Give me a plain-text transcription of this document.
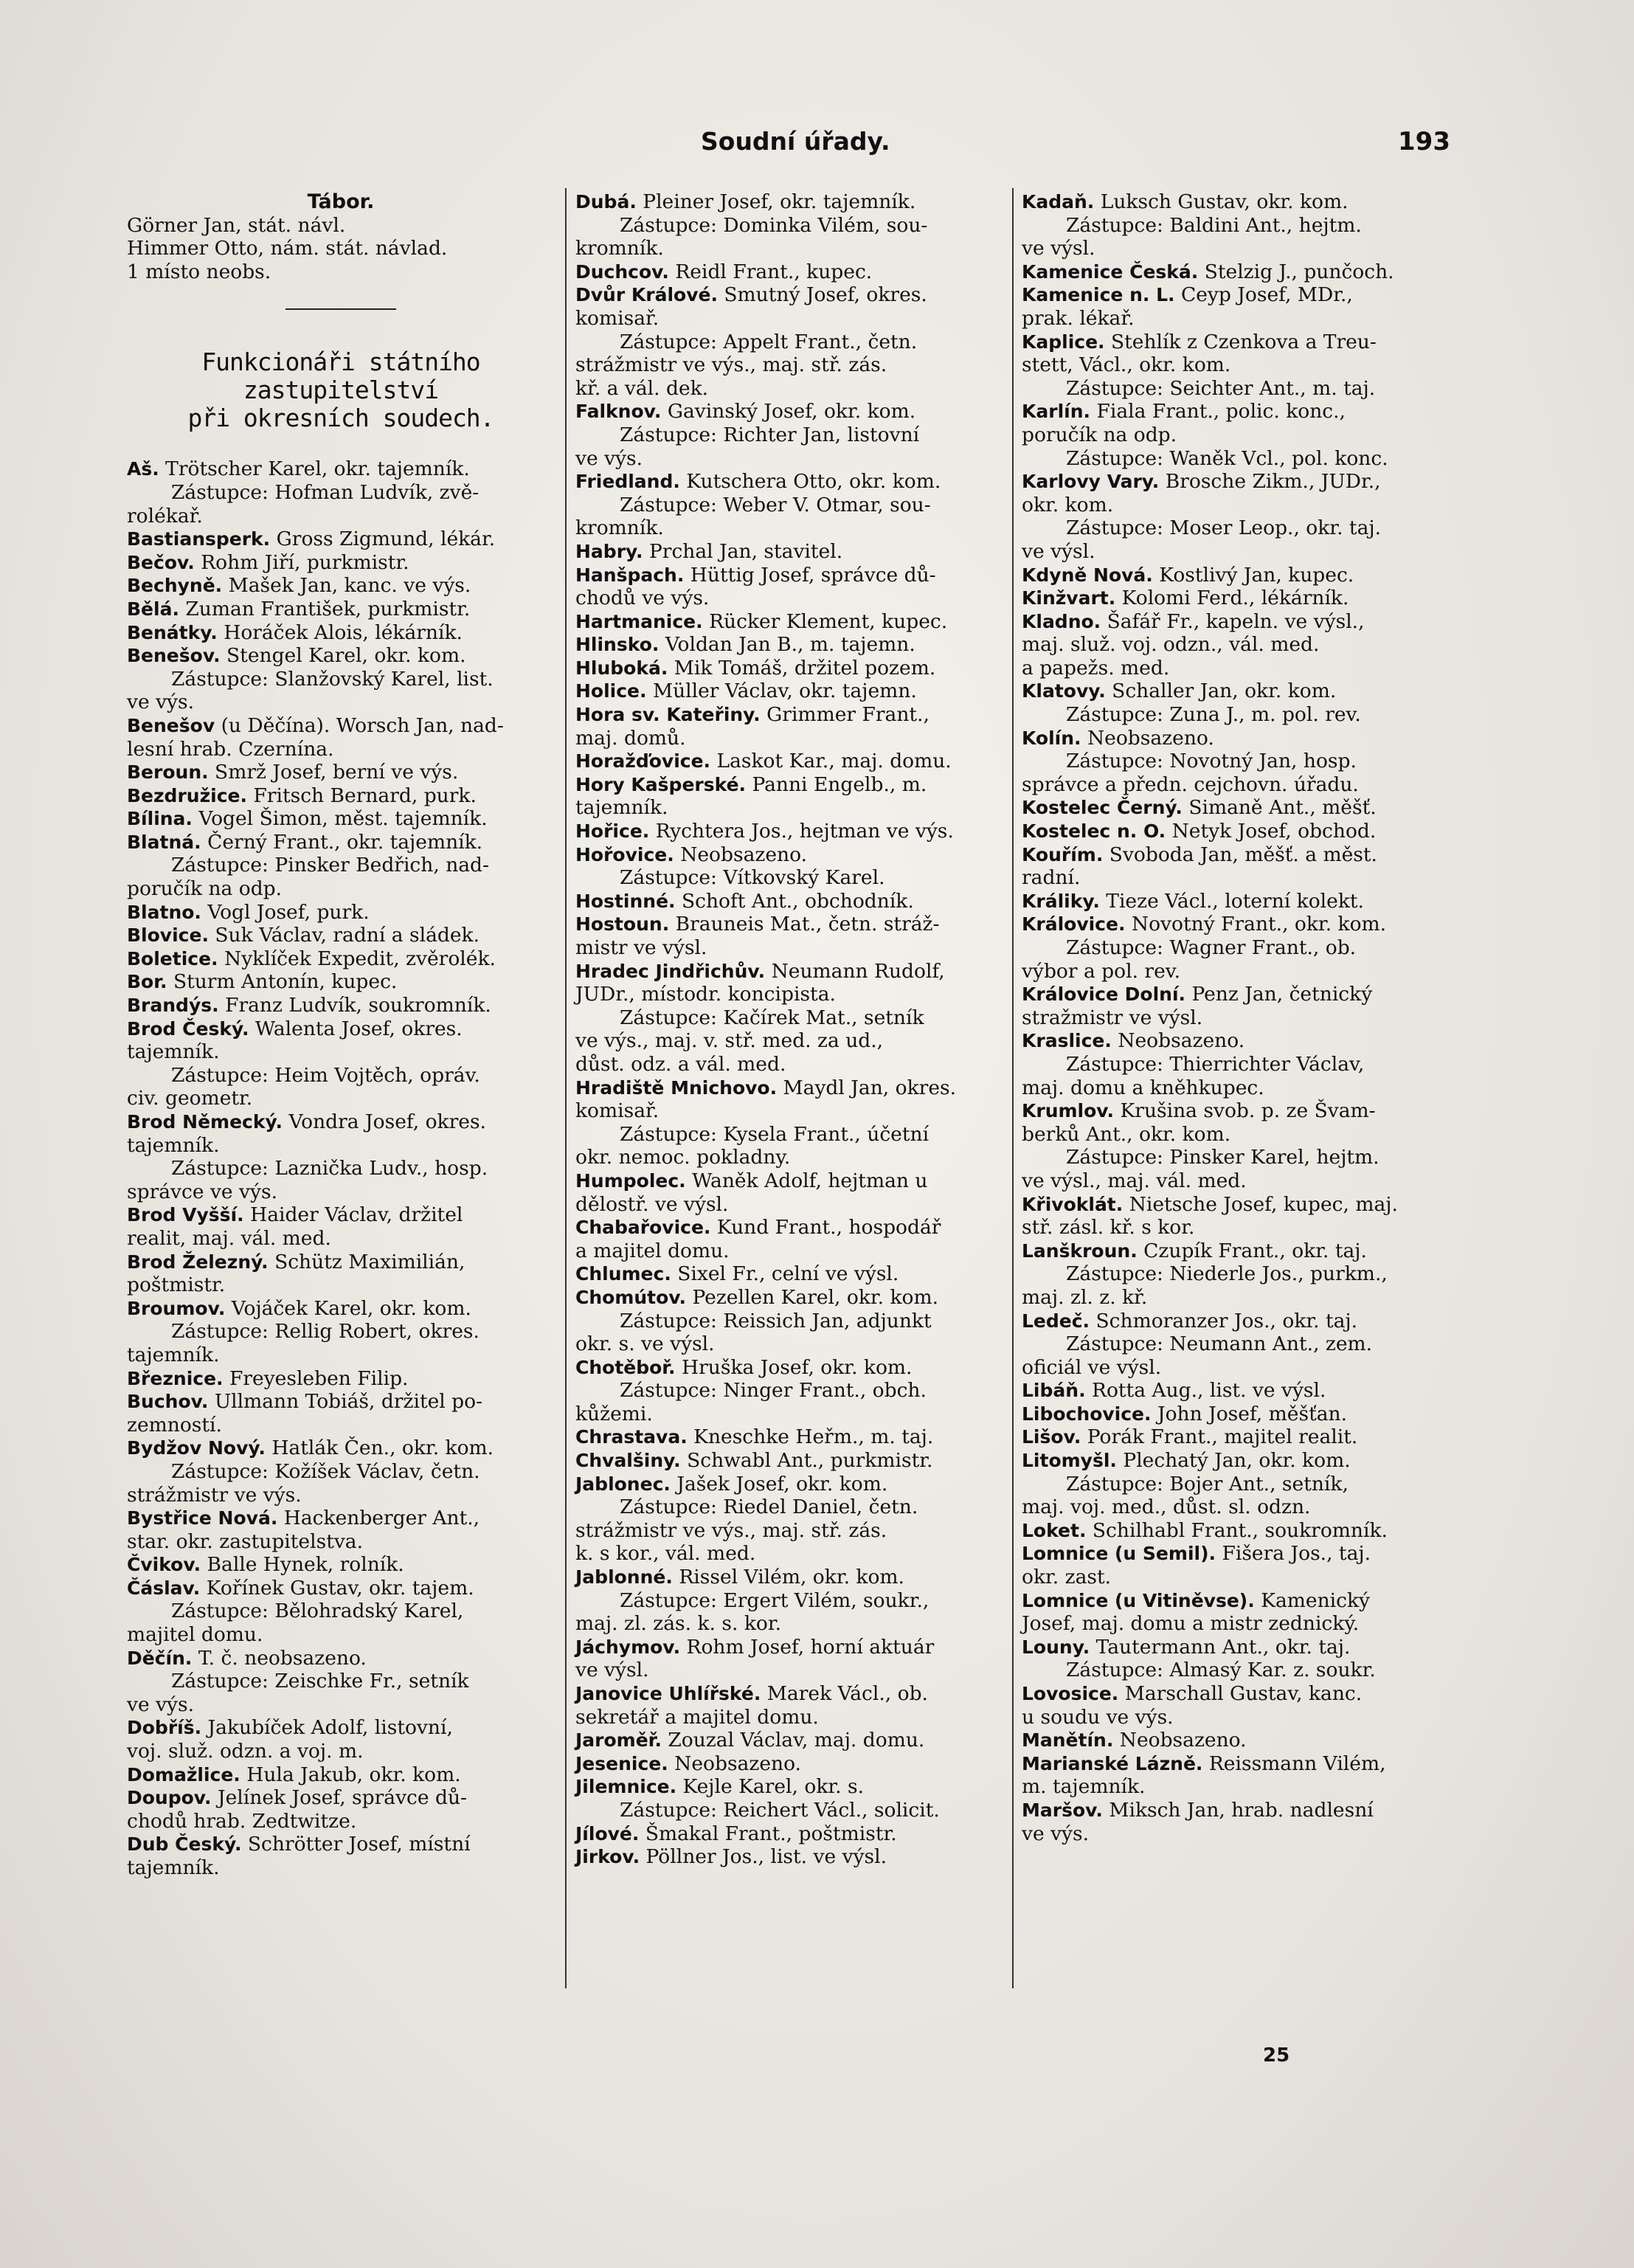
Soudní úřady.	193
Tábor.
Görner Jan, stát. návl.
Himmer Otto, nám. stát. návlad.
1 místo neobs.
Funkcionáři státního zastupitelství
při okresních soudech.
Aš. Trötscher Karel, okr. tajemník.
Zástupce: Hofman Ludvík, zvě-
rolékař.
Bastiansperk. Gross Zigmund, lékár.
Bečov. Rohm Jiří, purkmistr.
Bechyně. Mašek Jan, kanc. ve výs.
Bělá. Zuman František, purkmistr.
Benátky. Horáček Alois, lékárník.
Benešov. Stengel Karel, okr. kom.
Zástupce: Slanžovský Karel, list.
ve výs.
Benešov (u Děčína). Worsch Jan, nad-
lesní hrab. Czernína.
Beroun. Smrž Josef, berní ve výs.
Bezdružice. Fritsch Bernard, purk.
Bílina. Vogel Šimon, měst. tajemník.
Blatná. Černý Frant., okr. tajemník.
Zástupce: Pinsker Bedřich, nad-
poručík na odp.
Blatno. Vogl Josef, purk.
Blovice. Suk Václav, radní a sládek.
Boletice. Nyklíček Expedit, zvěrolék.
Bor. Sturm Antonín, kupec.
Brandýs. Franz Ludvík, soukromník.
Brod Český. Walenta Josef, okres.
tajemník.
Zástupce: Heim Vojtěch, opráv.
civ. geometr.
Brod Německý. Vondra Josef, okres.
tajemník.
Zástupce: Laznička Ludv., hosp.
správce ve výs.
Brod Vyšší. Haider Václav, držitel
realit, maj. vál. med.
Brod Železný. Schütz Maximilián,
poštmistr.
Broumov. Vojáček Karel, okr. kom.
Zástupce: Rellig Robert, okres.
tajemník.
Březnice. Freyesleben Filip.
Buchov. Ullmann Tobiáš, držitel po-
zemností.
Bydžov Nový. Hatlák Čen., okr. kom.
Zástupce: Kožíšek Václav, četn.
strážmistr ve výs.
Bystřice Nová. Hackenberger Ant.,
star. okr. zastupitelstva.
Čvikov. Balle Hynek, rolník.
Čáslav. Kořínek Gustav, okr. tajem.
Zástupce: Bělohradský Karel,
majitel domu.
Děčín. T. č. neobsazeno.
Zástupce: Zeischke Fr., setník
ve výs.
Dobříš. Jakubíček Adolf, listovní,
voj. služ. odzn. a voj. m.
Domažlice. Hula Jakub, okr. kom.
Doupov. Jelínek Josef, správce dů-
chodů hrab. Zedtwitze.
Dub Český. Schrötter Josef, místní
tajemník.
Dubá. Pleiner Josef, okr. tajemník.
Zástupce: Dominka Vilém, sou-
kromník.
Duchcov. Reidl Frant., kupec.
Dvůr Králové. Smutný Josef, okres.
komisař.
Zástupce: Appelt Frant., četn.
strážmistr ve výs., maj. stř. zás.
kř. a vál. dek.
Falknov. Gavinský Josef, okr. kom.
Zástupce: Richter Jan, listovní
ve výs.
Friedland. Kutschera Otto, okr. kom.
Zástupce: Weber V. Otmar, sou-
kromník.
Habry. Prchal Jan, stavitel.
Hanšpach. Hüttig Josef, správce dů-
chodů ve výs.
Hartmanice. Rücker Klement, kupec.
Hlinsko. Voldan Jan B., m. tajemn.
Hluboká. Mik Tomáš, držitel pozem.
Holice. Müller Václav, okr. tajemn.
Hora sv. Kateřiny. Grimmer Frant.,
maj. domů.
Horažďovice. Laskot Kar., maj. domu.
Hory Kašperské. Panni Engelb., m.
tajemník.
Hořice. Rychtera Jos., hejtman ve výs.
Hořovice. Neobsazeno.
Zástupce: Vítkovský Karel.
Hostinné. Schoft Ant., obchodník.
Hostoun. Brauneis Mat., četn. stráž-
mistr ve výsl.
Hradec Jindřichův. Neumann Rudolf,
JUDr., místodr. koncipista.
Zástupce: Kačírek Mat., setník
ve výs., maj. v. stř. med. za ud.,
důst. odz. a vál. med.
Hradiště Mnichovo. Maydl Jan, okres.
komisař.
Zástupce: Kysela Frant., účetní
okr. nemoc. pokladny.
Humpolec. Waněk Adolf, hejtman u
dělostř. ve výsl.
Chabařovice. Kund Frant., hospodář
a majitel domu.
Chlumec. Sixel Fr., celní ve výsl.
Chomútov. Pezellen Karel, okr. kom.
Zástupce: Reissich Jan, adjunkt
okr. s. ve výsl.
Chotěboř. Hruška Josef, okr. kom.
Zástupce: Ninger Frant., obch.
kůžemi.
Chrastava. Kneschke Heřm., m. taj.
Chvalšiny. Schwabl Ant., purkmistr.
Jablonec. Jašek Josef, okr. kom.
Zástupce: Riedel Daniel, četn.
strážmistr ve výs., maj. stř. zás.
k. s kor., vál. med.
Jablonné. Rissel Vilém, okr. kom.
Zástupce: Ergert Vilém, soukr.,
maj. zl. zás. k. s. kor.
Jáchymov. Rohm Josef, horní aktuár
ve výsl.
Janovice Uhlířské. Marek Václ., ob.
sekretář a majitel domu.
Jaroměř. Zouzal Václav, maj. domu.
Jesenice. Neobsazeno.
Jilemnice. Kejle Karel, okr. s.
Zástupce: Reichert Václ., solicit.
Jílové. Šmakal Frant., poštmistr.
Jirkov. Pöllner Jos., list. ve výsl.
Kadaň. Luksch Gustav, okr. kom.
Zástupce: Baldini Ant., hejtm.
ve výsl.
Kamenice Česká. Stelzig J., punčoch.
Kamenice n. L. Ceyp Josef, MDr.,
prak. lékař.
Kaplice. Stehlík z Czenkova a Treu-
stett, Václ., okr. kom.
Zástupce: Seichter Ant., m. taj.
Karlín. Fiala Frant., polic. konc.,
poručík na odp.
Zástupce: Waněk Vcl., pol. konc.
Karlovy Vary. Brosche Zikm., JUDr.,
okr. kom.
Zástupce: Moser Leop., okr. taj.
ve výsl.
Kdyně Nová. Kostlivý Jan, kupec.
Kinžvart. Kolomi Ferd., lékárník.
Kladno. Šafář Fr., kapeln. ve výsl.,
maj. služ. voj. odzn., vál. med.
a papežs. med.
Klatovy. Schaller Jan, okr. kom.
Zástupce: Zuna J., m. pol. rev.
Kolín. Neobsazeno.
Zástupce: Novotný Jan, hosp.
správce a předn. cejchovn. úřadu.
Kostelec Černý. Simaně Ant., měšť.
Kostelec n. O. Netyk Josef, obchod.
Kouřím. Svoboda Jan, měšť. a měst.
radní.
Králiky. Tieze Václ., loterní kolekt.
Královice. Novotný Frant., okr. kom.
Zástupce: Wagner Frant., ob.
výbor a pol. rev.
Královice Dolní. Penz Jan, četnický
stražmistr ve výsl.
Kraslice. Neobsazeno.
Zástupce: Thierrichter Václav,
maj. domu a kněhkupec.
Krumlov. Krušina svob. p. ze Švam-
berků Ant., okr. kom.
Zástupce: Pinsker Karel, hejtm.
ve výsl., maj. vál. med.
Křivoklát. Nietsche Josef, kupec, maj.
stř. zásl. kř. s kor.
Lanškroun. Czupík Frant., okr. taj.
Zástupce: Niederle Jos., purkm.,
maj. zl. z. kř.
Ledeč. Schmoranzer Jos., okr. taj.
Zástupce: Neumann Ant., zem.
oficiál ve výsl.
Libáň. Rotta Aug., list. ve výsl.
Libochovice. John Josef, měšťan.
Lišov. Porák Frant., majitel realit.
Litomyšl. Plechatý Jan, okr. kom.
Zástupce: Bojer Ant., setník,
maj. voj. med., důst. sl. odzn.
Loket. Schilhabl Frant., soukromník.
Lomnice (u Semil). Fišera Jos., taj.
okr. zast.
Lomnice (u Vitiněvse). Kamenický
Josef, maj. domu a mistr zednický.
Louny. Tautermann Ant., okr. taj.
Zástupce: Almasý Kar. z. soukr.
Lovosice. Marschall Gustav, kanc.
u soudu ve výs.
Manětín. Neobsazeno.
Marianské Lázně. Reissmann Vilém,
m. tajemník.
Maršov. Miksch Jan, hrab. nadlesní
ve výs.
25
